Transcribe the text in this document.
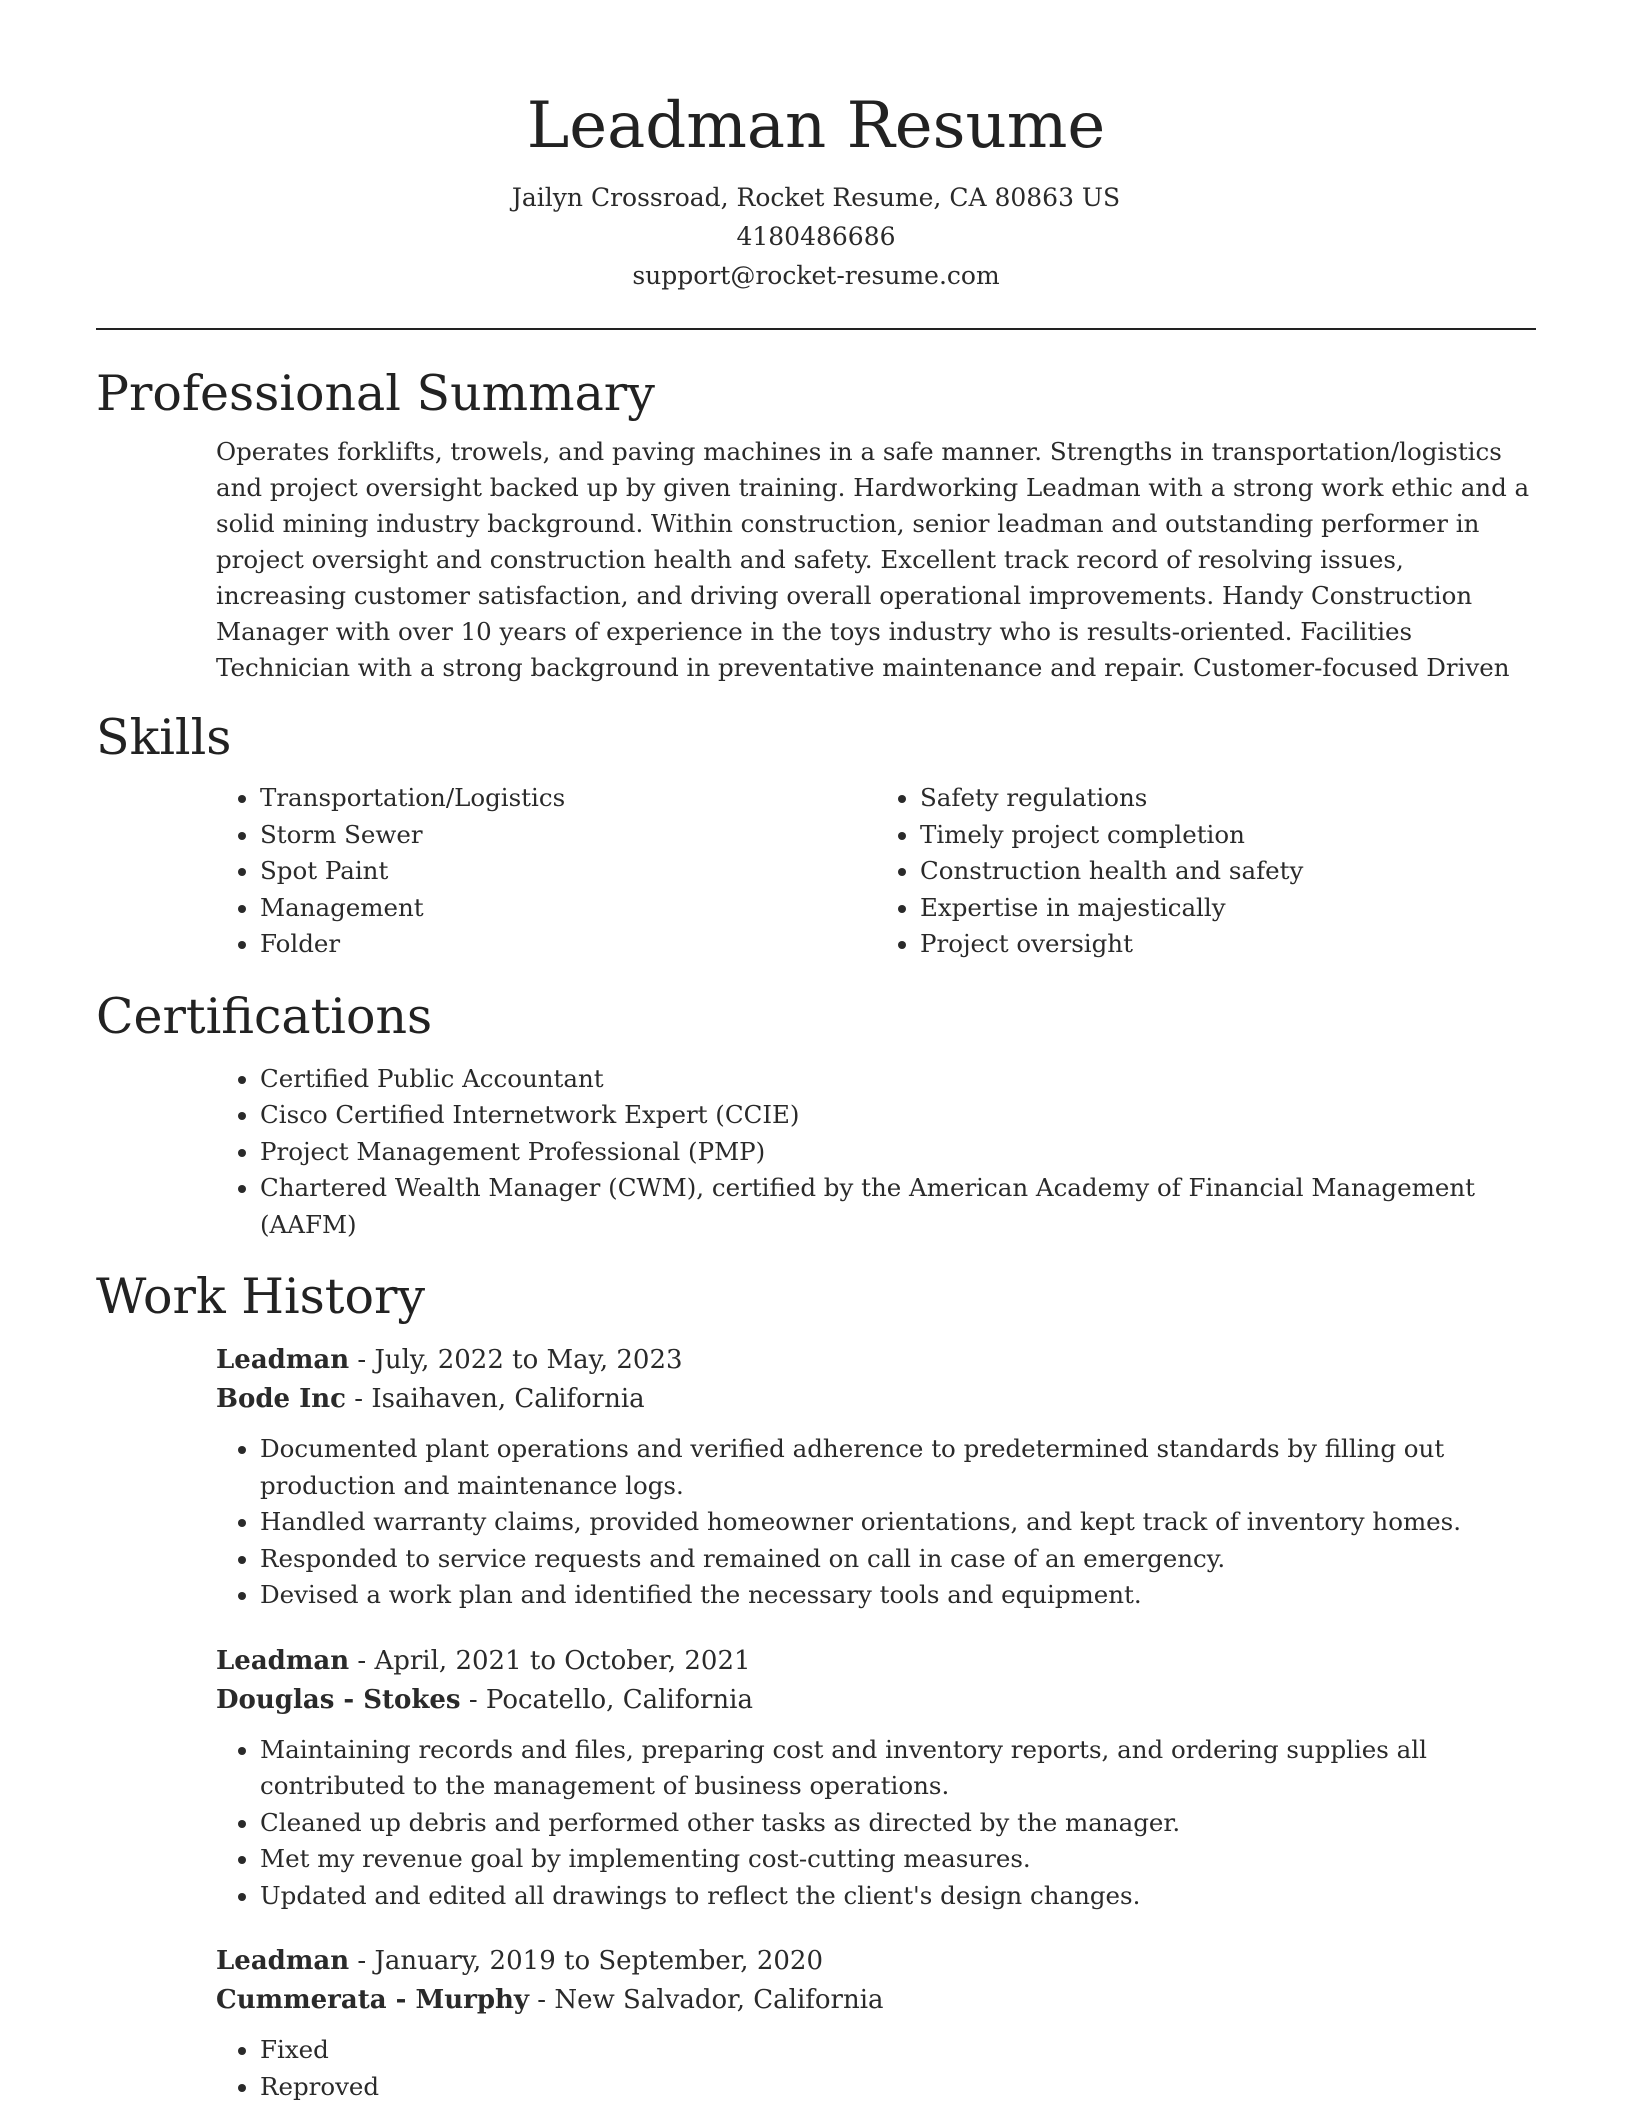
Leadman Resume
Jailyn Crossroad, Rocket Resume, CA 80863 US
4180486686
support@rocket-resume.com
Professional Summary

Operates forklifts, trowels, and paving machines in a safe manner. Strengths in transportation/logistics and project oversight backed up by given training. Hardworking Leadman with a strong work ethic and a solid mining industry background. Within construction, senior leadman and outstanding performer in project oversight and construction health and safety. Excellent track record of resolving issues, increasing customer satisfaction, and driving overall operational improvements. Handy Construction Manager with over 10 years of experience in the toys industry who is results-oriented. Facilities Technician with a strong background in preventative maintenance and repair. Customer-focused Driven

Skills
• Transportation/Logistics
• Storm Sewer
• Spot Paint
• Management
• Folder
• Safety regulations
• Timely project completion
• Construction health and safety
• Expertise in majestically
• Project oversight
Certifications
• Certified Public Accountant
• Cisco Certified Internetwork Expert (CCIE)
• Project Management Professional (PMP)
• Chartered Wealth Manager (CWM), certified by the American Academy of Financial Management (AAFM)
Work History
Leadman - July, 2022 to May, 2023
Bode Inc - Isaihaven, California
• Documented plant operations and verified adherence to predetermined standards by filling out production and maintenance logs.
• Handled warranty claims, provided homeowner orientations, and kept track of inventory homes.
• Responded to service requests and remained on call in case of an emergency.
• Devised a work plan and identified the necessary tools and equipment.
Leadman - April, 2021 to October, 2021
Douglas - Stokes - Pocatello, California
• Maintaining records and files, preparing cost and inventory reports, and ordering supplies all contributed to the management of business operations.
• Cleaned up debris and performed other tasks as directed by the manager.
• Met my revenue goal by implementing cost-cutting measures.
• Updated and edited all drawings to reflect the client's design changes.
Leadman - January, 2019 to September, 2020
Cummerata - Murphy - New Salvador, California
• Fixed
• Reproved
